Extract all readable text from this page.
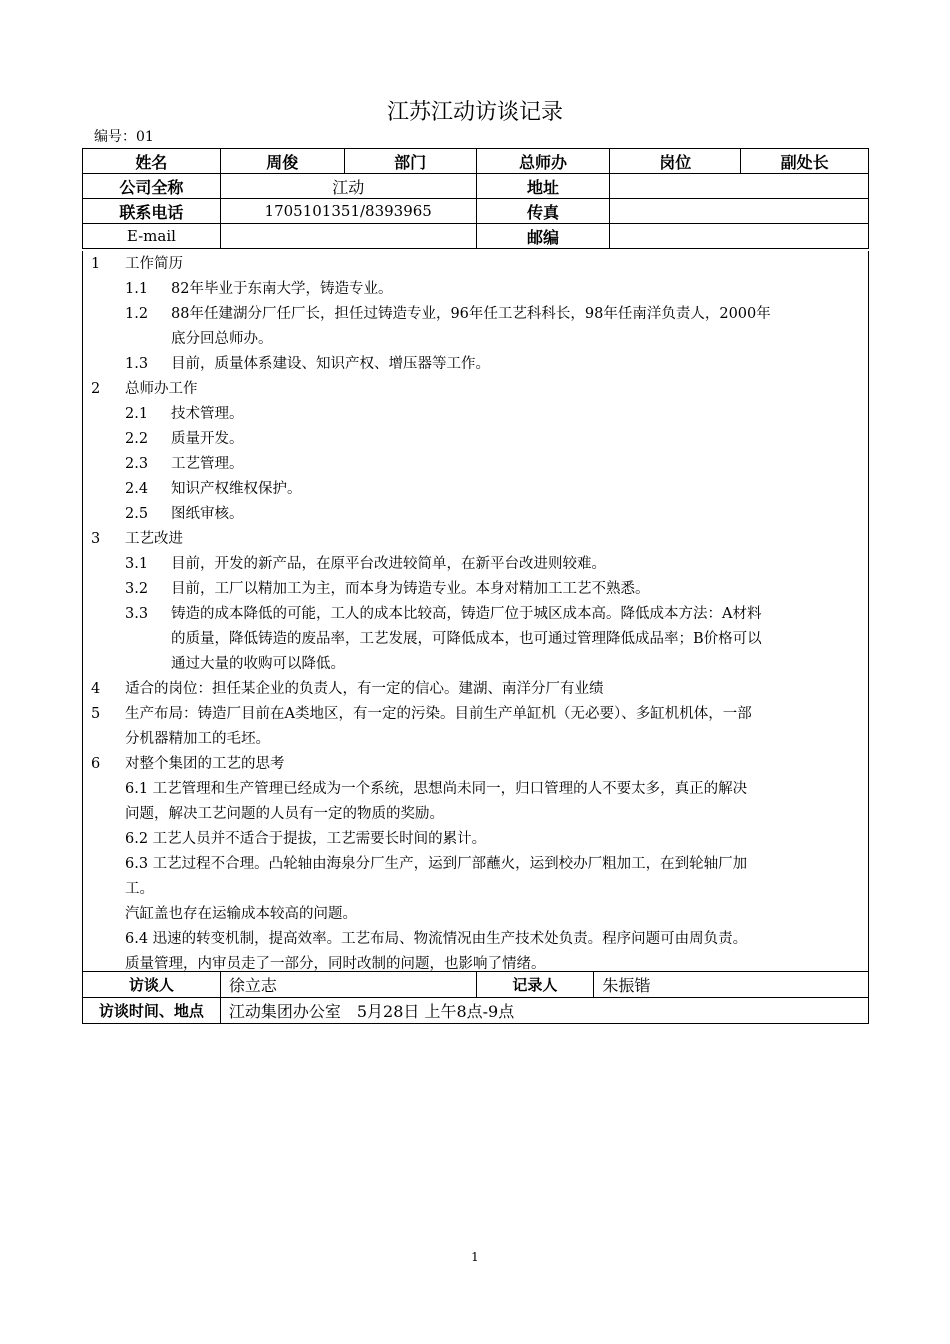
江苏江动访谈记录
编号：01
姓名	周俊	部门	总师办	岗位	副处长
公司全称	江动		地址		
联系电话	1705101351/8393965		传真		
E-mail			邮编		
1 工作简历
1.1 82年毕业于东南大学，铸造专业。
1.2 88年任建湖分厂任厂长，担任过铸造专业，96年任工艺科科长，98年任南洋负责人，2000年
底分回总师办。
1.3 目前，质量体系建设、知识产权、增压器等工作。
2 总师办工作
2.1 技术管理。
2.2 质量开发。
2.3 工艺管理。
2.4 知识产权维权保护。
2.5 图纸审核。
3 工艺改进
3.1 目前，开发的新产品，在原平台改进较简单，在新平台改进则较难。
3.2 目前，工厂以精加工为主，而本身为铸造专业。本身对精加工工艺不熟悉。
3.3 铸造的成本降低的可能，工人的成本比较高，铸造厂位于城区成本高。降低成本方法：A材料
的质量，降低铸造的废品率，工艺发展，可降低成本，也可通过管理降低成品率；B价格可以
通过大量的收购可以降低。
4 适合的岗位：担任某企业的负责人，有一定的信心。建湖、南洋分厂有业绩
5 生产布局：铸造厂目前在A类地区，有一定的污染。目前生产单缸机（无必要）、多缸机机体，一部
分机器精加工的毛坯。
6 对整个集团的工艺的思考
6.1 工艺管理和生产管理已经成为一个系统，思想尚未同一，归口管理的人不要太多，真正的解决
问题，解决工艺问题的人员有一定的物质的奖励。
6.2 工艺人员并不适合于提拔，工艺需要长时间的累计。
6.3 工艺过程不合理。凸轮轴由海泉分厂生产，运到厂部蘸火，运到校办厂粗加工，在到轮轴厂加
工。
汽缸盖也存在运输成本较高的问题。
6.4 迅速的转变机制，提高效率。工艺布局、物流情况由生产技术处负责。程序问题可由周负责。
质量管理，内审员走了一部分，同时改制的问题，也影响了情绪。
访谈人	徐立志	记录人	朱振锴
访谈时间、地点	江动集团办公室　5月28日 上午8点-9点		
1
